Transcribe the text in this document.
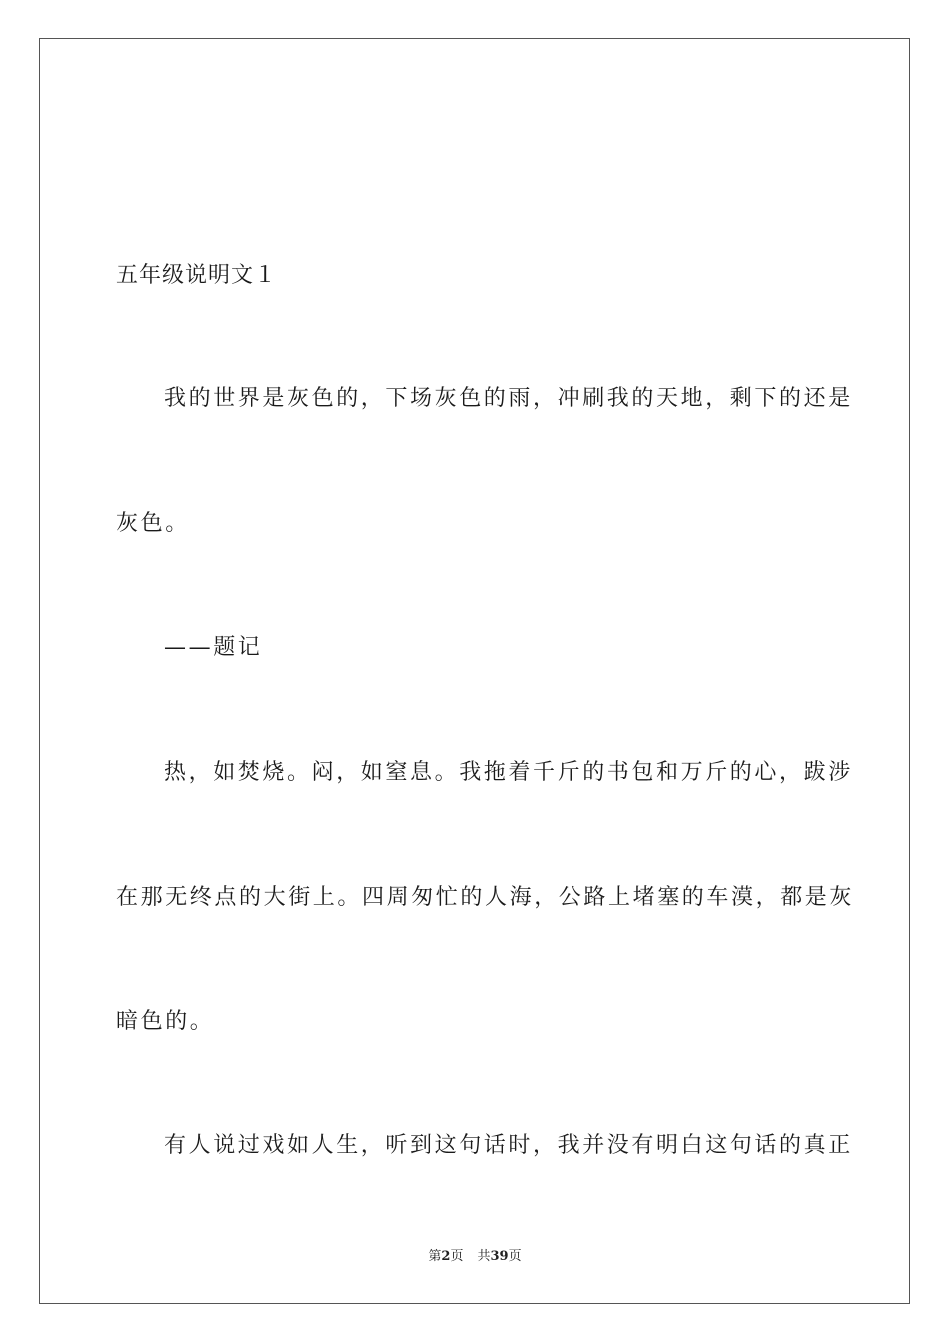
五年级说明文１
我的世界是灰色的，下场灰色的雨，冲刷我的天地，剩下的还是
灰色。
——题记
热，如焚烧。闷，如窒息。我拖着千斤的书包和万斤的心，跋涉
在那无终点的大街上。四周匆忙的人海，公路上堵塞的车漠，都是灰
暗色的。
有人说过戏如人生，听到这句话时，我并没有明白这句话的真正
第2页 共39页
